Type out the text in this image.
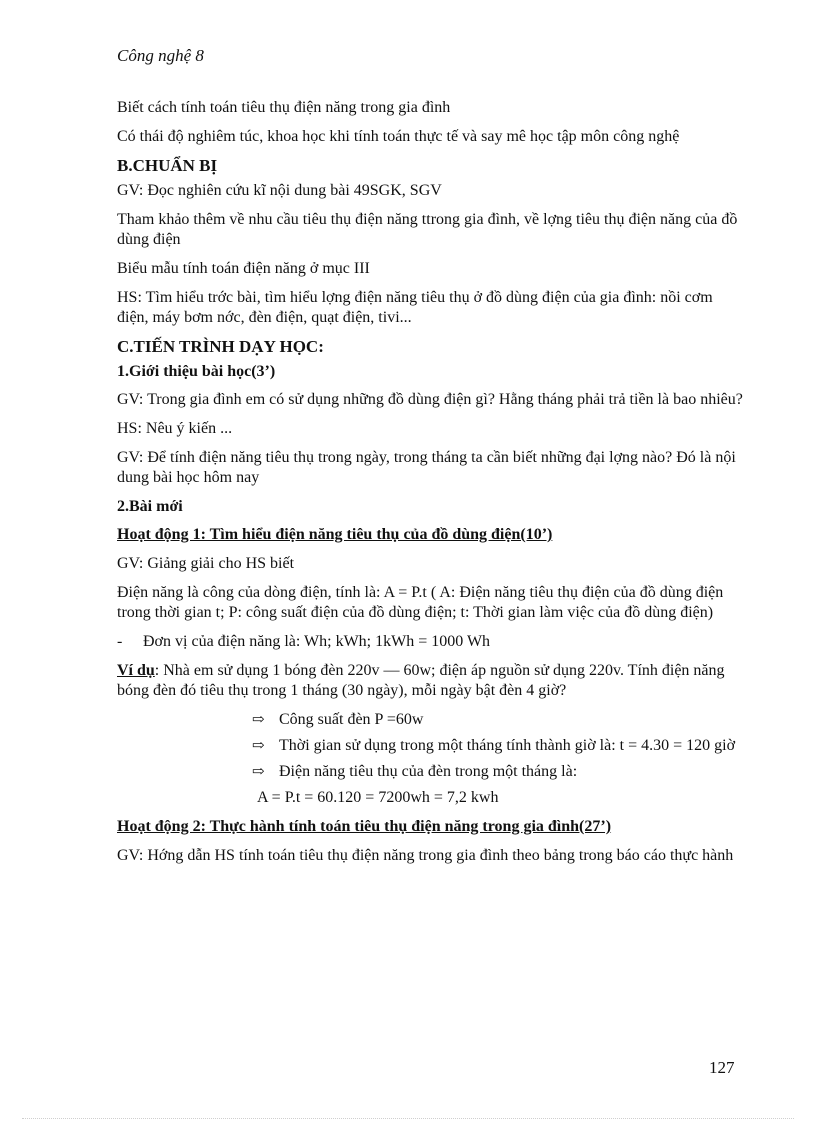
Công nghệ 8
Biết cách tính toán tiêu thụ điện năng trong gia đình
Có thái độ nghiêm túc, khoa học khi tính toán thực tế và say mê học tập môn công nghệ
B.CHUẨN BỊ
GV: Đọc nghiên cứu kĩ nội dung bài 49SGK, SGV
Tham khảo thêm về nhu cầu tiêu thụ điện năng ttrong gia đình, về lợng tiêu thụ điện năng của đồ dùng điện
Biểu mẫu tính toán điện năng ở mục III
HS: Tìm hiểu trớc bài, tìm hiểu lợng điện năng tiêu thụ ở đồ dùng điện của gia đình: nồi cơm điện, máy bơm nớc, đèn điện, quạt điện, tivi...
C.TIẾN TRÌNH DẠY HỌC:
1.Giới thiệu bài học(3’)
GV: Trong gia đình em có sử dụng những đồ dùng điện gì? Hằng tháng phải trả tiền là bao nhiêu?
HS: Nêu ý kiến ...
GV: Để tính điện năng tiêu thụ trong ngày, trong tháng ta cần biết những đại lợng nào? Đó là nội dung bài học hôm nay
2.Bài mới
Hoạt động 1: Tìm hiểu điện năng tiêu thụ của đồ dùng điện(10’)
GV: Giảng giải cho HS biết
Điện năng là công của dòng điện, tính là: A = P.t ( A: Điện năng tiêu thụ điện của đồ dùng điện trong thời gian t; P: công suất điện của đồ dùng điện; t: Thời gian làm việc của đồ dùng điện)
-	Đơn vị của điện năng là: Wh; kWh; 1kWh = 1000 Wh
Ví dụ: Nhà em sử dụng 1 bóng đèn 220v — 60w; điện áp nguồn sử dụng 220v. Tính điện năng bóng đèn đó tiêu thụ trong 1 tháng (30 ngày), mỗi ngày bật đèn 4 giờ?
⇨ Công suất đèn P =60w
⇨ Thời gian sử dụng trong một tháng tính thành giờ là: t = 4.30 = 120 giờ
⇨ Điện năng tiêu thụ của đèn trong một tháng là:
A = P.t = 60.120 = 7200wh = 7,2 kwh
Hoạt động 2: Thực hành tính toán tiêu thụ điện năng trong gia đình(27’)
GV: Hớng dẫn HS tính toán tiêu thụ điện năng trong gia đình theo bảng trong báo cáo thực hành
127
